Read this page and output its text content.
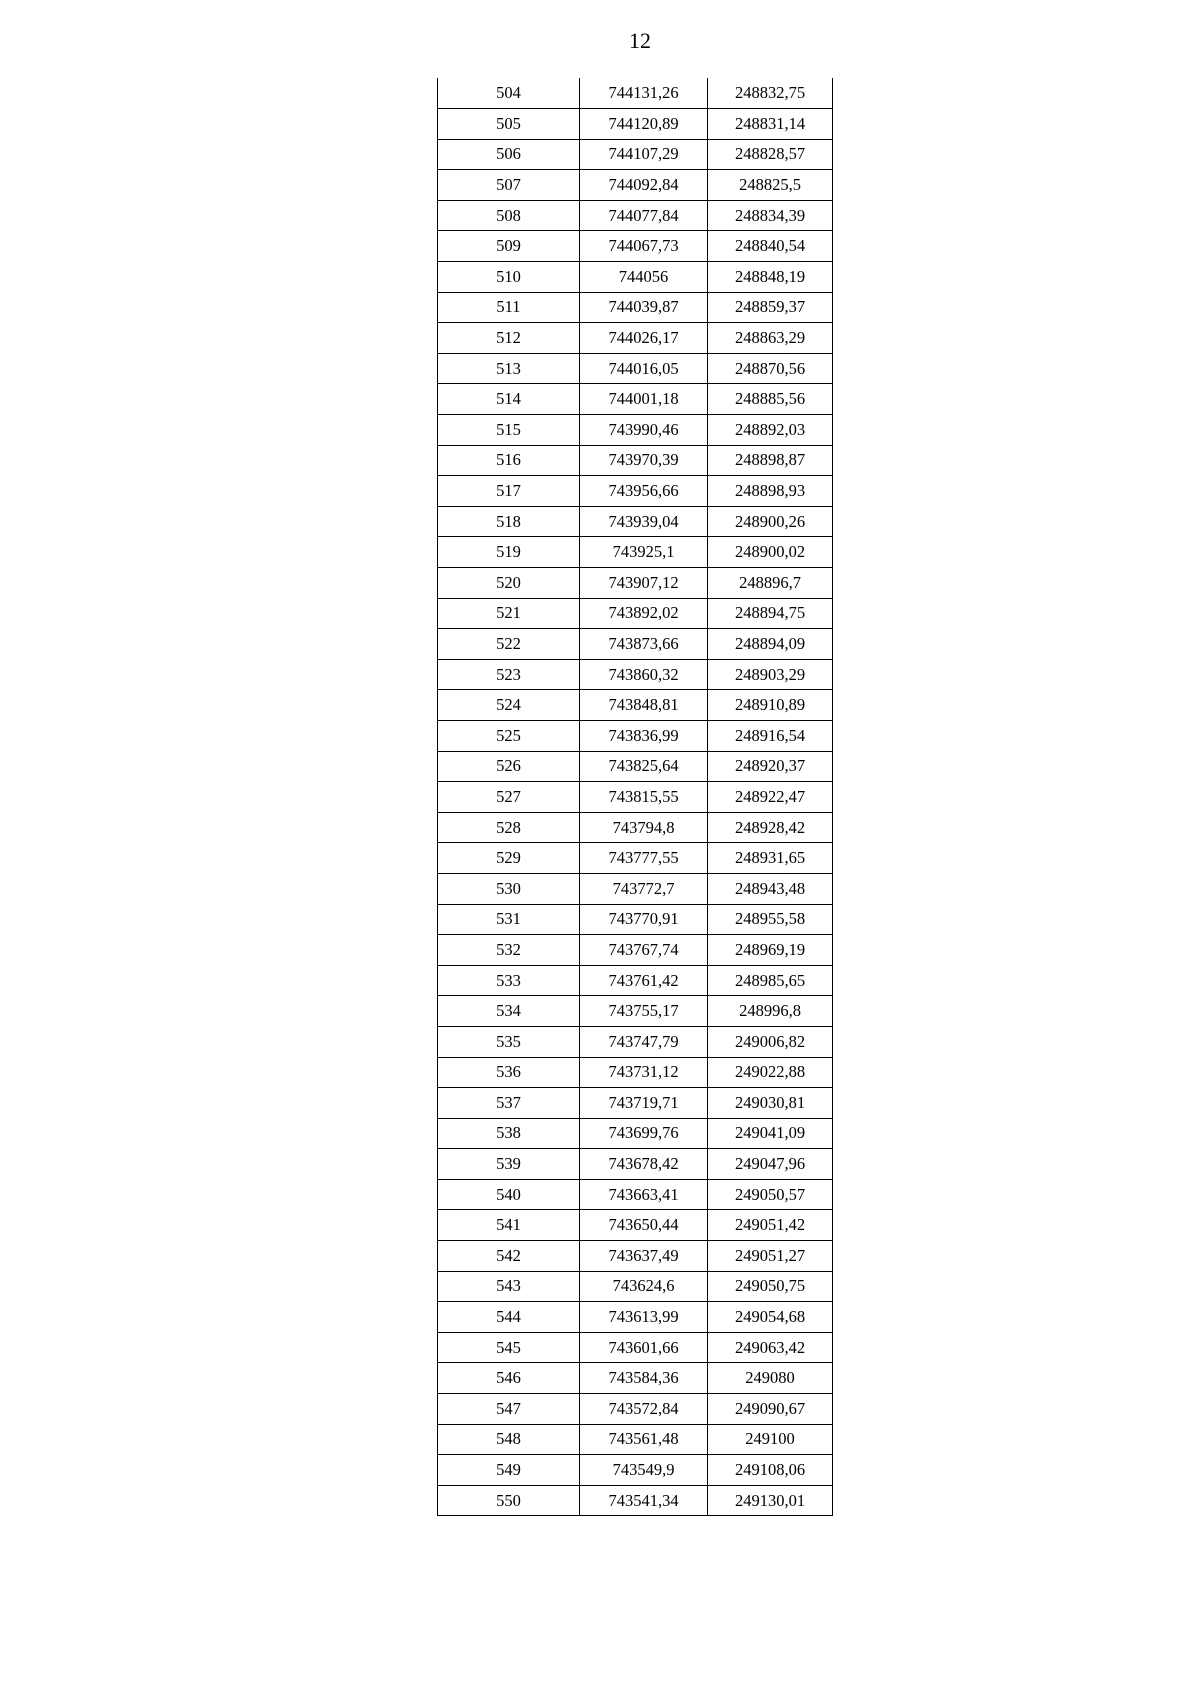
12
504	744131,26	248832,75
505	744120,89	248831,14
506	744107,29	248828,57
507	744092,84	248825,5
508	744077,84	248834,39
509	744067,73	248840,54
510	744056	248848,19
511	744039,87	248859,37
512	744026,17	248863,29
513	744016,05	248870,56
514	744001,18	248885,56
515	743990,46	248892,03
516	743970,39	248898,87
517	743956,66	248898,93
518	743939,04	248900,26
519	743925,1	248900,02
520	743907,12	248896,7
521	743892,02	248894,75
522	743873,66	248894,09
523	743860,32	248903,29
524	743848,81	248910,89
525	743836,99	248916,54
526	743825,64	248920,37
527	743815,55	248922,47
528	743794,8	248928,42
529	743777,55	248931,65
530	743772,7	248943,48
531	743770,91	248955,58
532	743767,74	248969,19
533	743761,42	248985,65
534	743755,17	248996,8
535	743747,79	249006,82
536	743731,12	249022,88
537	743719,71	249030,81
538	743699,76	249041,09
539	743678,42	249047,96
540	743663,41	249050,57
541	743650,44	249051,42
542	743637,49	249051,27
543	743624,6	249050,75
544	743613,99	249054,68
545	743601,66	249063,42
546	743584,36	249080
547	743572,84	249090,67
548	743561,48	249100
549	743549,9	249108,06
550	743541,34	249130,01
